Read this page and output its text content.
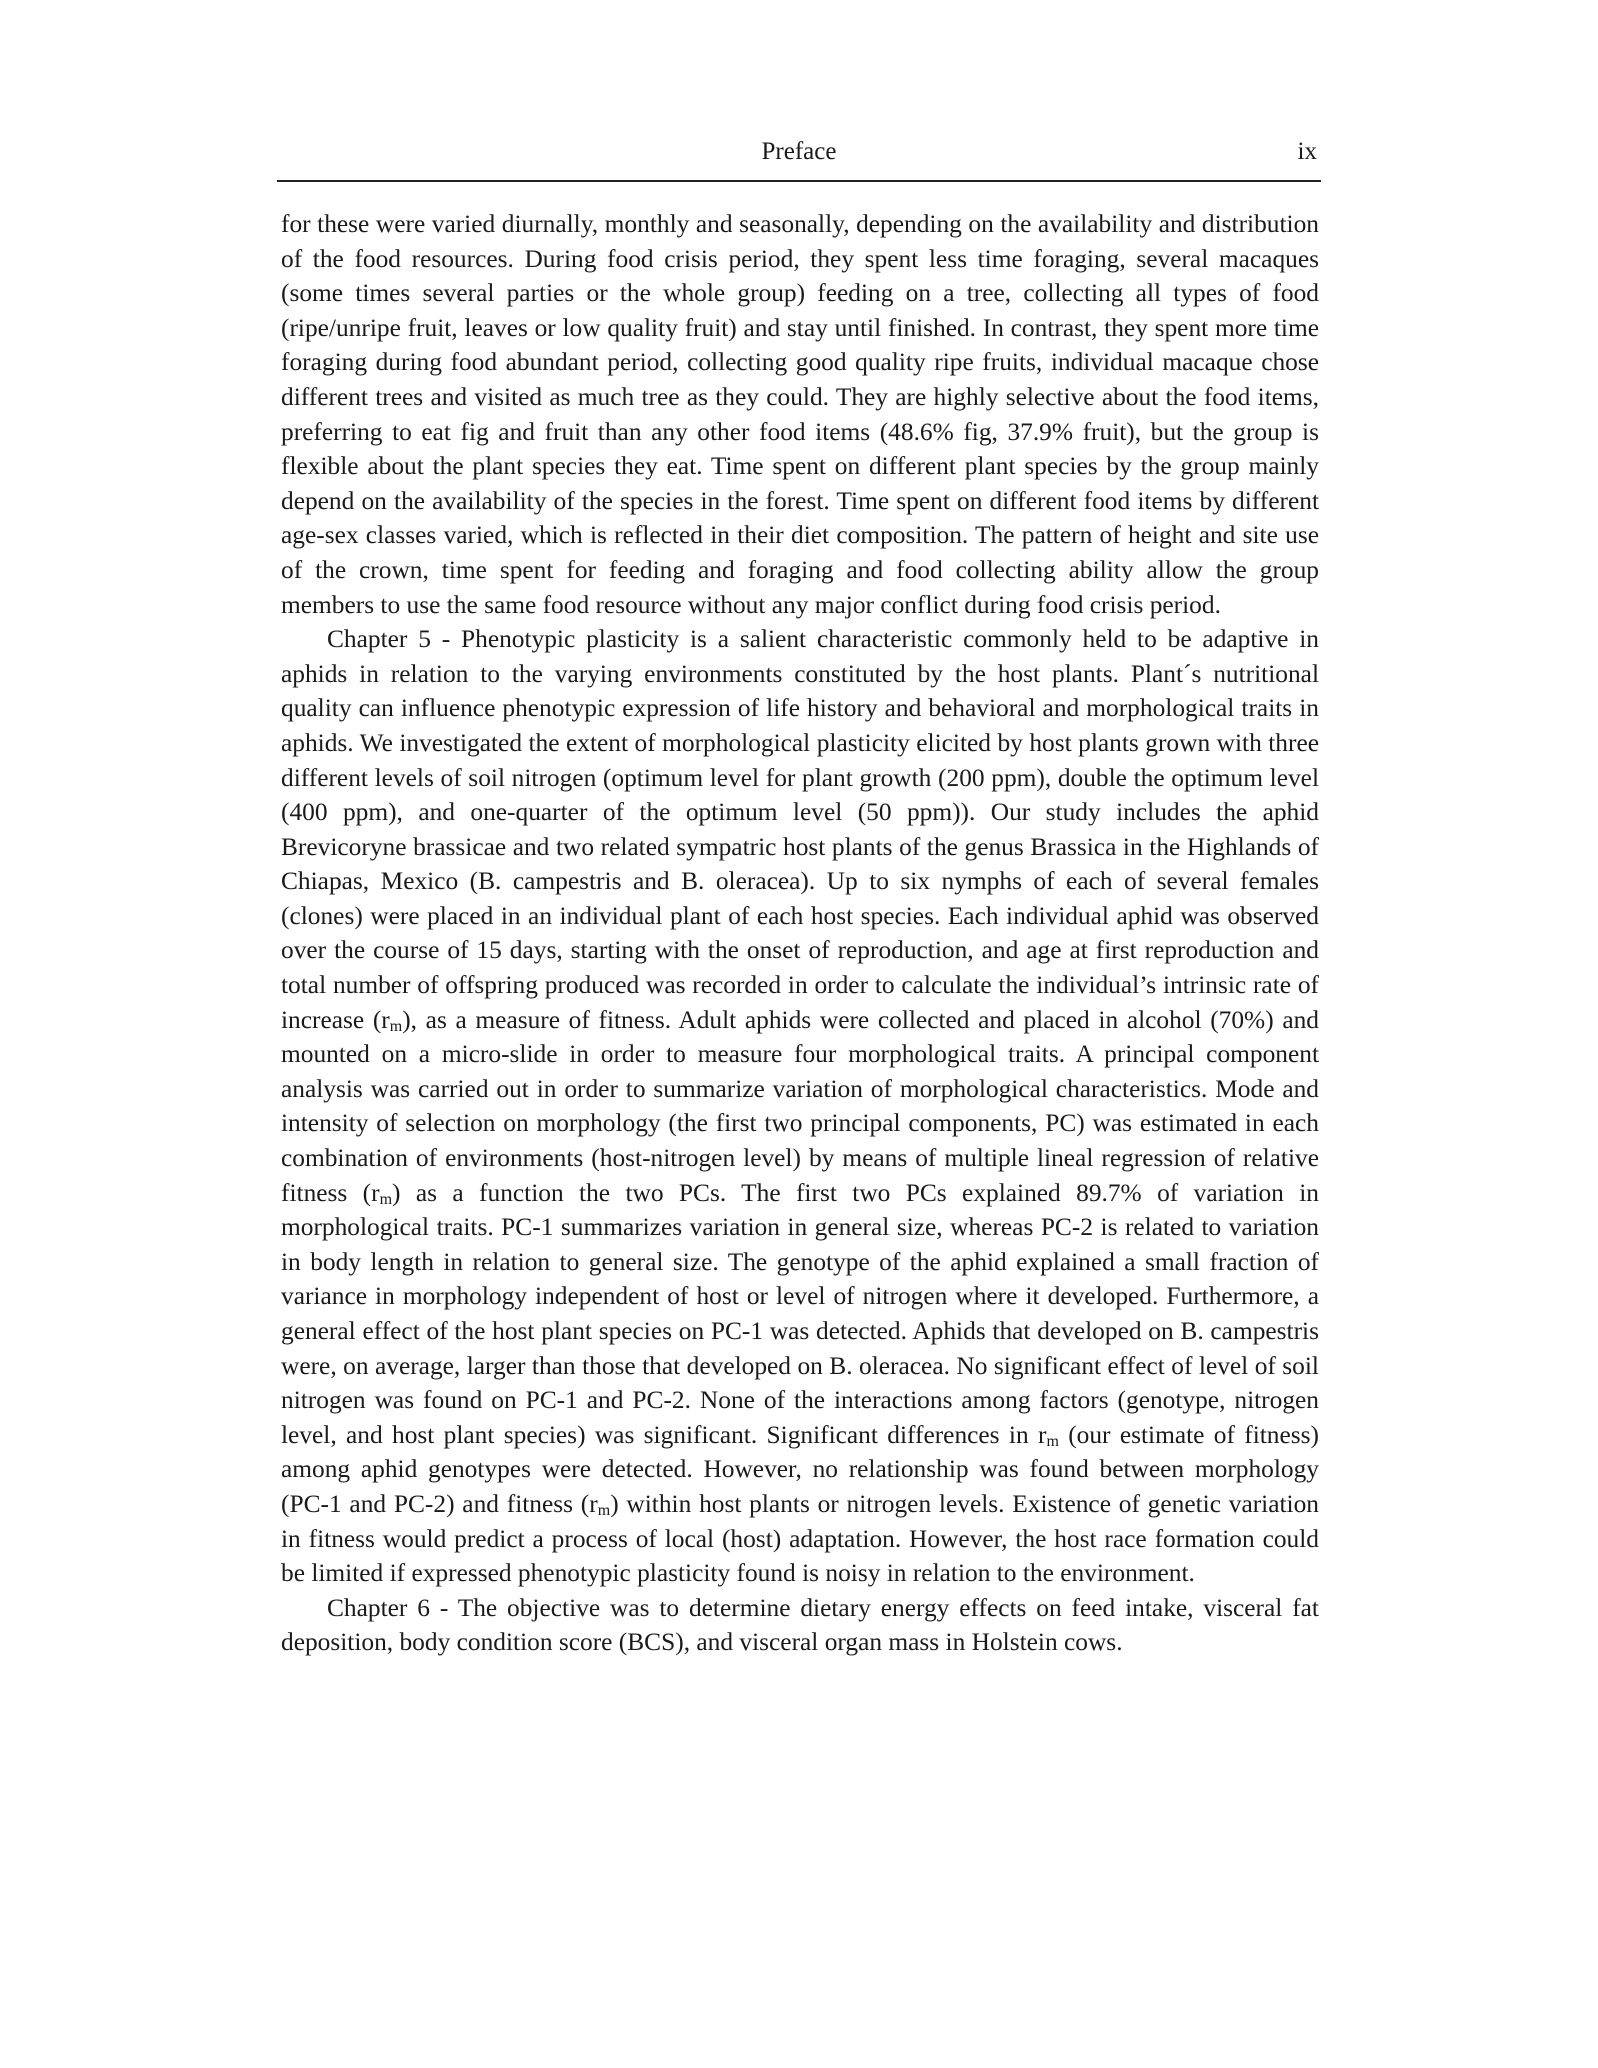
Preface	ix

for these were varied diurnally, monthly and seasonally, depending on the availability and distribution of the food resources. During food crisis period, they spent less time foraging, several macaques (some times several parties or the whole group) feeding on a tree, collecting all types of food (ripe/unripe fruit, leaves or low quality fruit) and stay until finished. In contrast, they spent more time foraging during food abundant period, collecting good quality ripe fruits, individual macaque chose different trees and visited as much tree as they could. They are highly selective about the food items, preferring to eat fig and fruit than any other food items (48.6% fig, 37.9% fruit), but the group is flexible about the plant species they eat. Time spent on different plant species by the group mainly depend on the availability of the species in the forest. Time spent on different food items by different age-sex classes varied, which is reflected in their diet composition. The pattern of height and site use of the crown, time spent for feeding and foraging and food collecting ability allow the group members to use the same food resource without any major conflict during food crisis period.

Chapter 5 - Phenotypic plasticity is a salient characteristic commonly held to be adaptive in aphids in relation to the varying environments constituted by the host plants. Plant´s nutritional quality can influence phenotypic expression of life history and behavioral and morphological traits in aphids. We investigated the extent of morphological plasticity elicited by host plants grown with three different levels of soil nitrogen (optimum level for plant growth (200 ppm), double the optimum level (400 ppm), and one-quarter of the optimum level (50 ppm)). Our study includes the aphid Brevicoryne brassicae and two related sympatric host plants of the genus Brassica in the Highlands of Chiapas, Mexico (B. campestris and B. oleracea). Up to six nymphs of each of several females (clones) were placed in an individual plant of each host species. Each individual aphid was observed over the course of 15 days, starting with the onset of reproduction, and age at first reproduction and total number of offspring produced was recorded in order to calculate the individual’s intrinsic rate of increase $(r_m)$, as a measure of fitness. Adult aphids were collected and placed in alcohol (70%) and mounted on a micro-slide in order to measure four morphological traits. A principal component analysis was carried out in order to summarize variation of morphological characteristics. Mode and intensity of selection on morphology (the first two principal components, PC) was estimated in each combination of environments (host-nitrogen level) by means of multiple lineal regression of relative fitness $(r_m)$ as a function the two PCs. The first two PCs explained 89.7% of variation in morphological traits. PC-1 summarizes variation in general size, whereas PC-2 is related to variation in body length in relation to general size. The genotype of the aphid explained a small fraction of variance in morphology independent of host or level of nitrogen where it developed. Furthermore, a general effect of the host plant species on PC-1 was detected. Aphids that developed on B. campestris were, on average, larger than those that developed on B. oleracea. No significant effect of level of soil nitrogen was found on PC-1 and PC-2. None of the interactions among factors (genotype, nitrogen level, and host plant species) was significant. Significant differences in $r_m$ (our estimate of fitness) among aphid genotypes were detected. However, no relationship was found between morphology (PC-1 and PC-2) and fitness $(r_m)$ within host plants or nitrogen levels. Existence of genetic variation in fitness would predict a process of local (host) adaptation. However, the host race formation could be limited if expressed phenotypic plasticity found is noisy in relation to the environment.

Chapter 6 - The objective was to determine dietary energy effects on feed intake, visceral fat deposition, body condition score (BCS), and visceral organ mass in Holstein cows.
